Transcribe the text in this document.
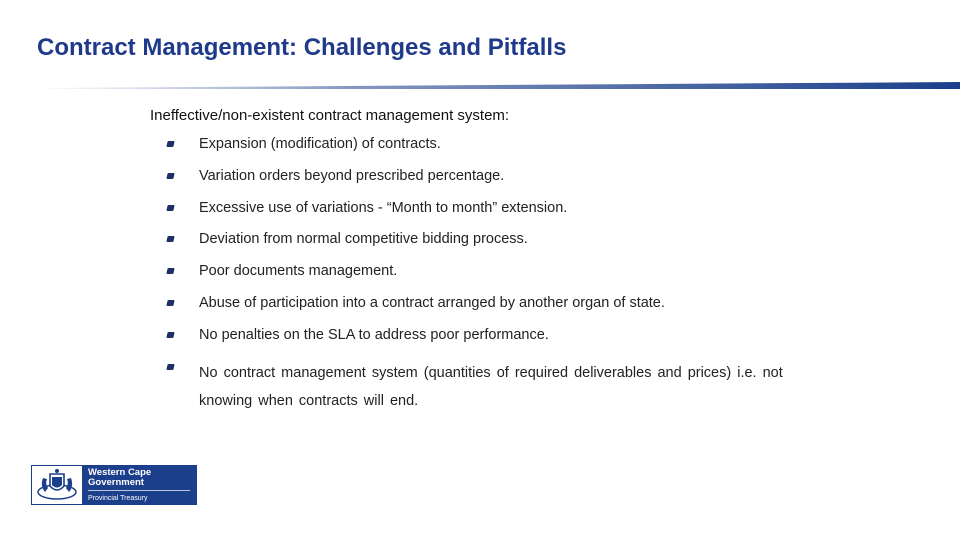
Contract Management: Challenges and Pitfalls
Ineffective/non-existent contract management system:
Expansion (modification) of contracts.
Variation orders beyond prescribed percentage.
Excessive use of variations - “Month to month” extension.
Deviation from normal competitive bidding process.
Poor documents management.
Abuse of participation into a contract arranged by another organ of state.
No penalties on the SLA to address poor performance.
No contract management system (quantities of required deliverables and prices) i.e. not knowing when contracts will end.
Western Cape
Government
Provincial Treasury
